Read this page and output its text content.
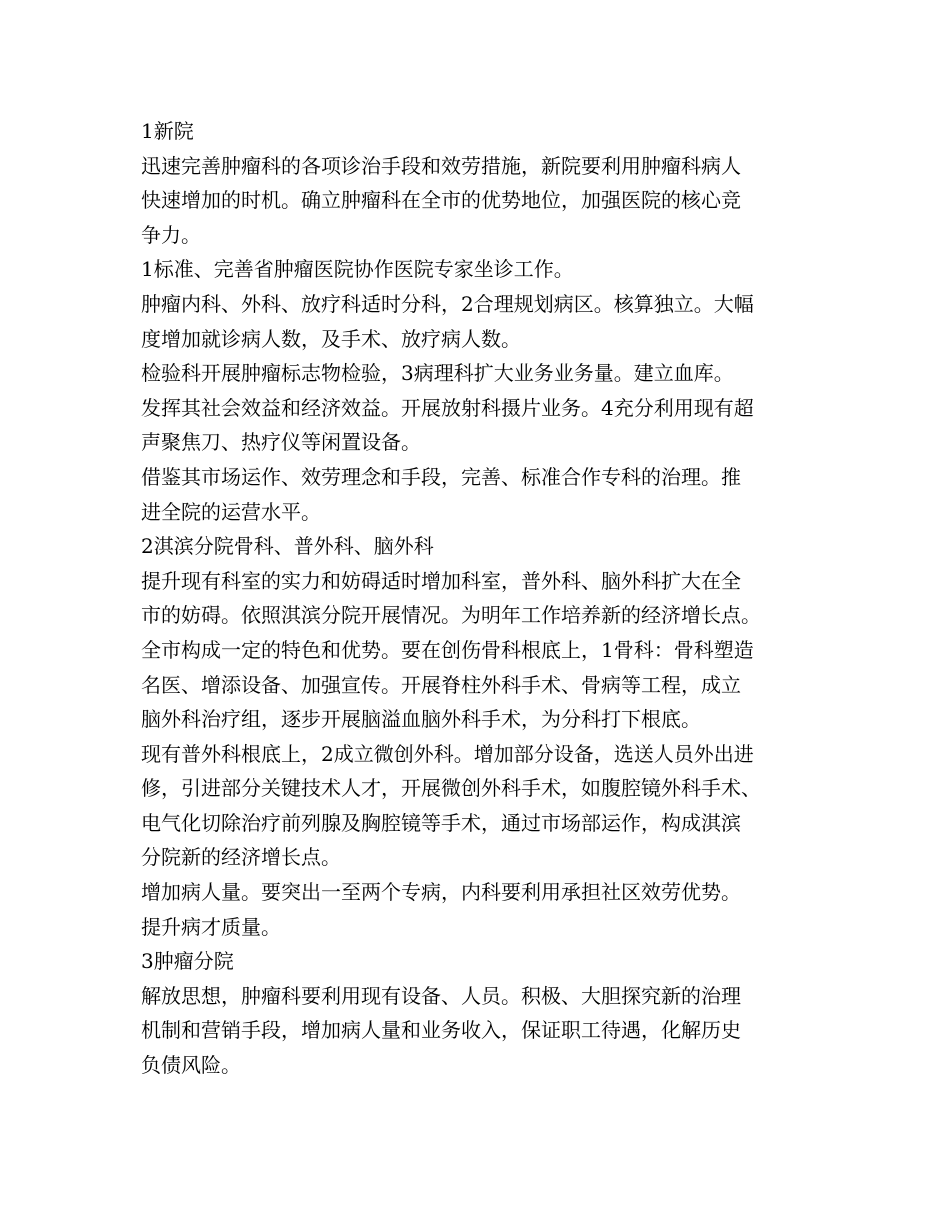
1新院
迅速完善肿瘤科的各项诊治手段和效劳措施，新院要利用肿瘤科病人
快速增加的时机。确立肿瘤科在全市的优势地位，加强医院的核心竞
争力。
1标准、完善省肿瘤医院协作医院专家坐诊工作。
肿瘤内科、外科、放疗科适时分科，2合理规划病区。核算独立。大幅
度增加就诊病人数，及手术、放疗病人数。
检验科开展肿瘤标志物检验，3病理科扩大业务业务量。建立血库。
发挥其社会效益和经济效益。开展放射科摄片业务。4充分利用现有超
声聚焦刀、热疗仪等闲置设备。
借鉴其市场运作、效劳理念和手段，完善、标准合作专科的治理。推
进全院的运营水平。
2淇滨分院骨科、普外科、脑外科
提升现有科室的实力和妨碍适时增加科室，普外科、脑外科扩大在全
市的妨碍。依照淇滨分院开展情况。为明年工作培养新的经济增长点。
全市构成一定的特色和优势。要在创伤骨科根底上，1骨科：骨科塑造
名医、增添设备、加强宣传。开展脊柱外科手术、骨病等工程，成立
脑外科治疗组，逐步开展脑溢血脑外科手术，为分科打下根底。
现有普外科根底上，2成立微创外科。增加部分设备，选送人员外出进
修，引进部分关键技术人才，开展微创外科手术，如腹腔镜外科手术、
电气化切除治疗前列腺及胸腔镜等手术，通过市场部运作，构成淇滨
分院新的经济增长点。
增加病人量。要突出一至两个专病，内科要利用承担社区效劳优势。
提升病才质量。
3肿瘤分院
解放思想，肿瘤科要利用现有设备、人员。积极、大胆探究新的治理
机制和营销手段，增加病人量和业务收入，保证职工待遇，化解历史
负债风险。
